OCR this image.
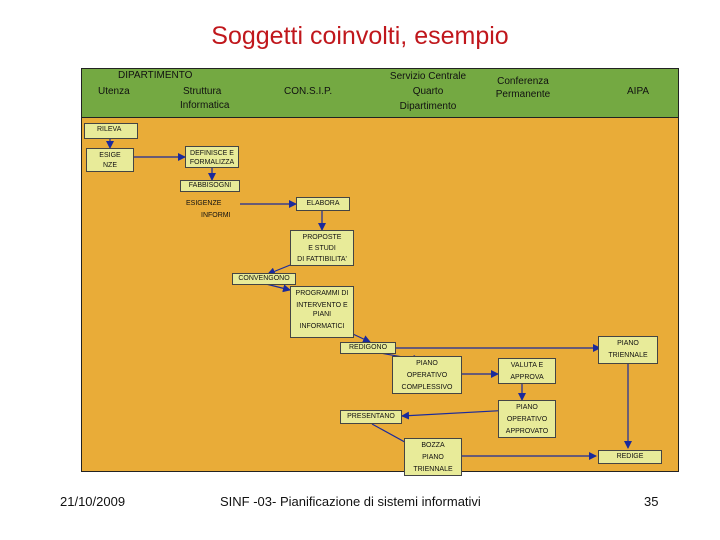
Soggetti coinvolti, esempio
DIPARTIMENTO
Utenza	Struttura
Informatica
CON.S.I.P.
Servizio Centrale
Quarto
Dipartimento
Conferenza
Permanente	AIPA
RILEVA
ESIGE
NZE
DEFINISCE E
FORMALIZZA
FABBISOGNI
ESIGENZE
INFORMI
ELABORA
PROPOSTE
E STUDI
DI FATTIBILITA'
CONVENGONO
PROGRAMMI DI
INTERVENTO E
PIANI
INFORMATICI
REDIGONO
PIANO
TRIENNALE
PIANO
OPERATIVO
COMPLESSIVO
VALUTA E
APPROVA
PIANO
OPERATIVO
APPROVATO
PRESENTANO
BOZZA
PIANO
TRIENNALE
REDIGE
21/10/2009	SINF -03- Pianificazione di sistemi informativi	35
